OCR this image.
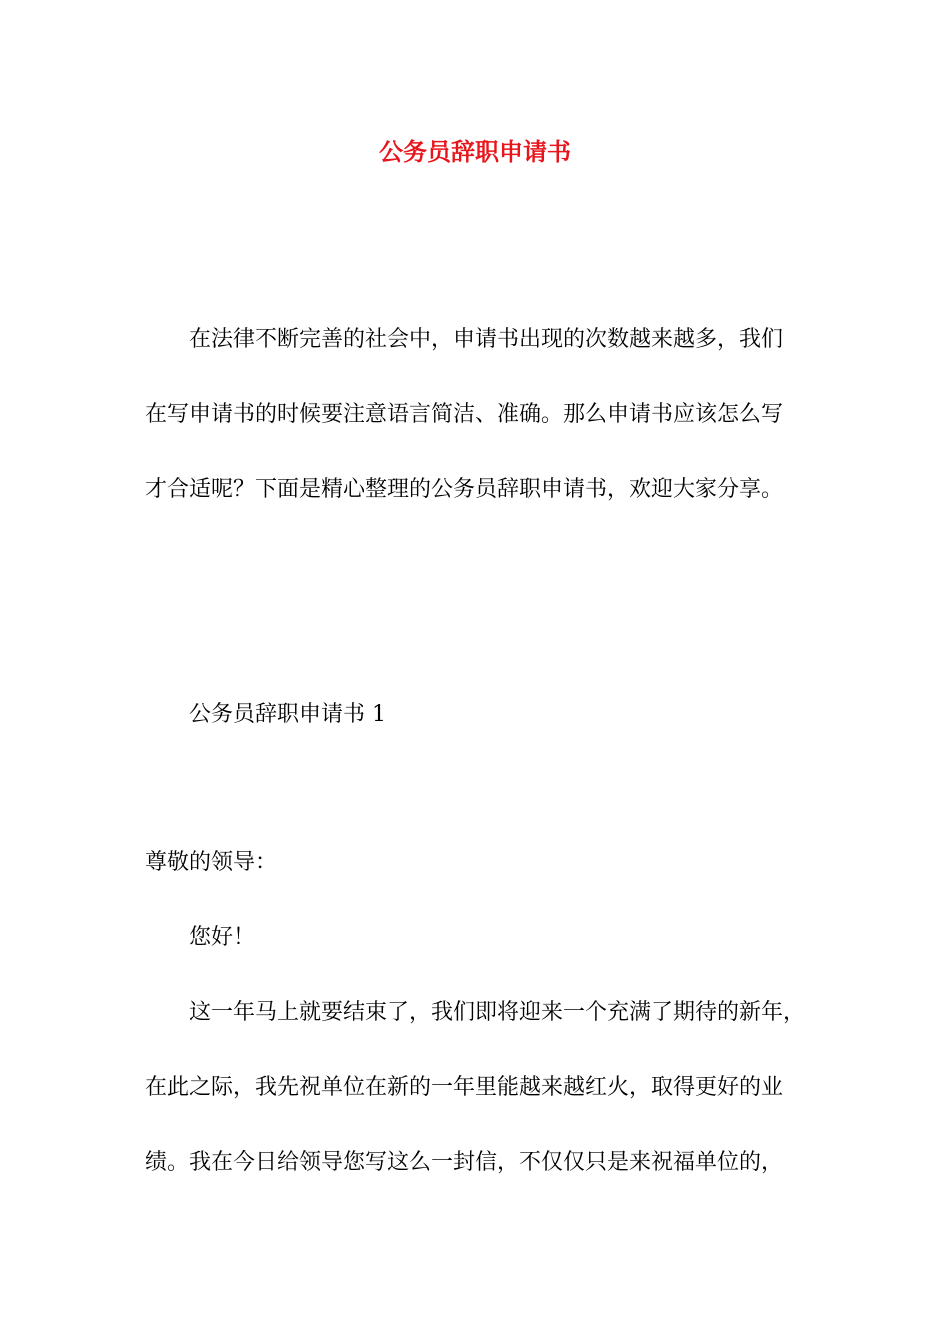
公务员辞职申请书

在法律不断完善的社会中，申请书出现的次数越来越多，我们

在写申请书的时候要注意语言简洁、准确。那么申请书应该怎么写

才合适呢？下面是精心整理的公务员辞职申请书，欢迎大家分享。

公务员辞职申请书 1

尊敬的领导：

您好！

这一年马上就要结束了，我们即将迎来一个充满了期待的新年，

在此之际，我先祝单位在新的一年里能越来越红火，取得更好的业

绩。我在今日给领导您写这么一封信，不仅仅只是来祝福单位的，
